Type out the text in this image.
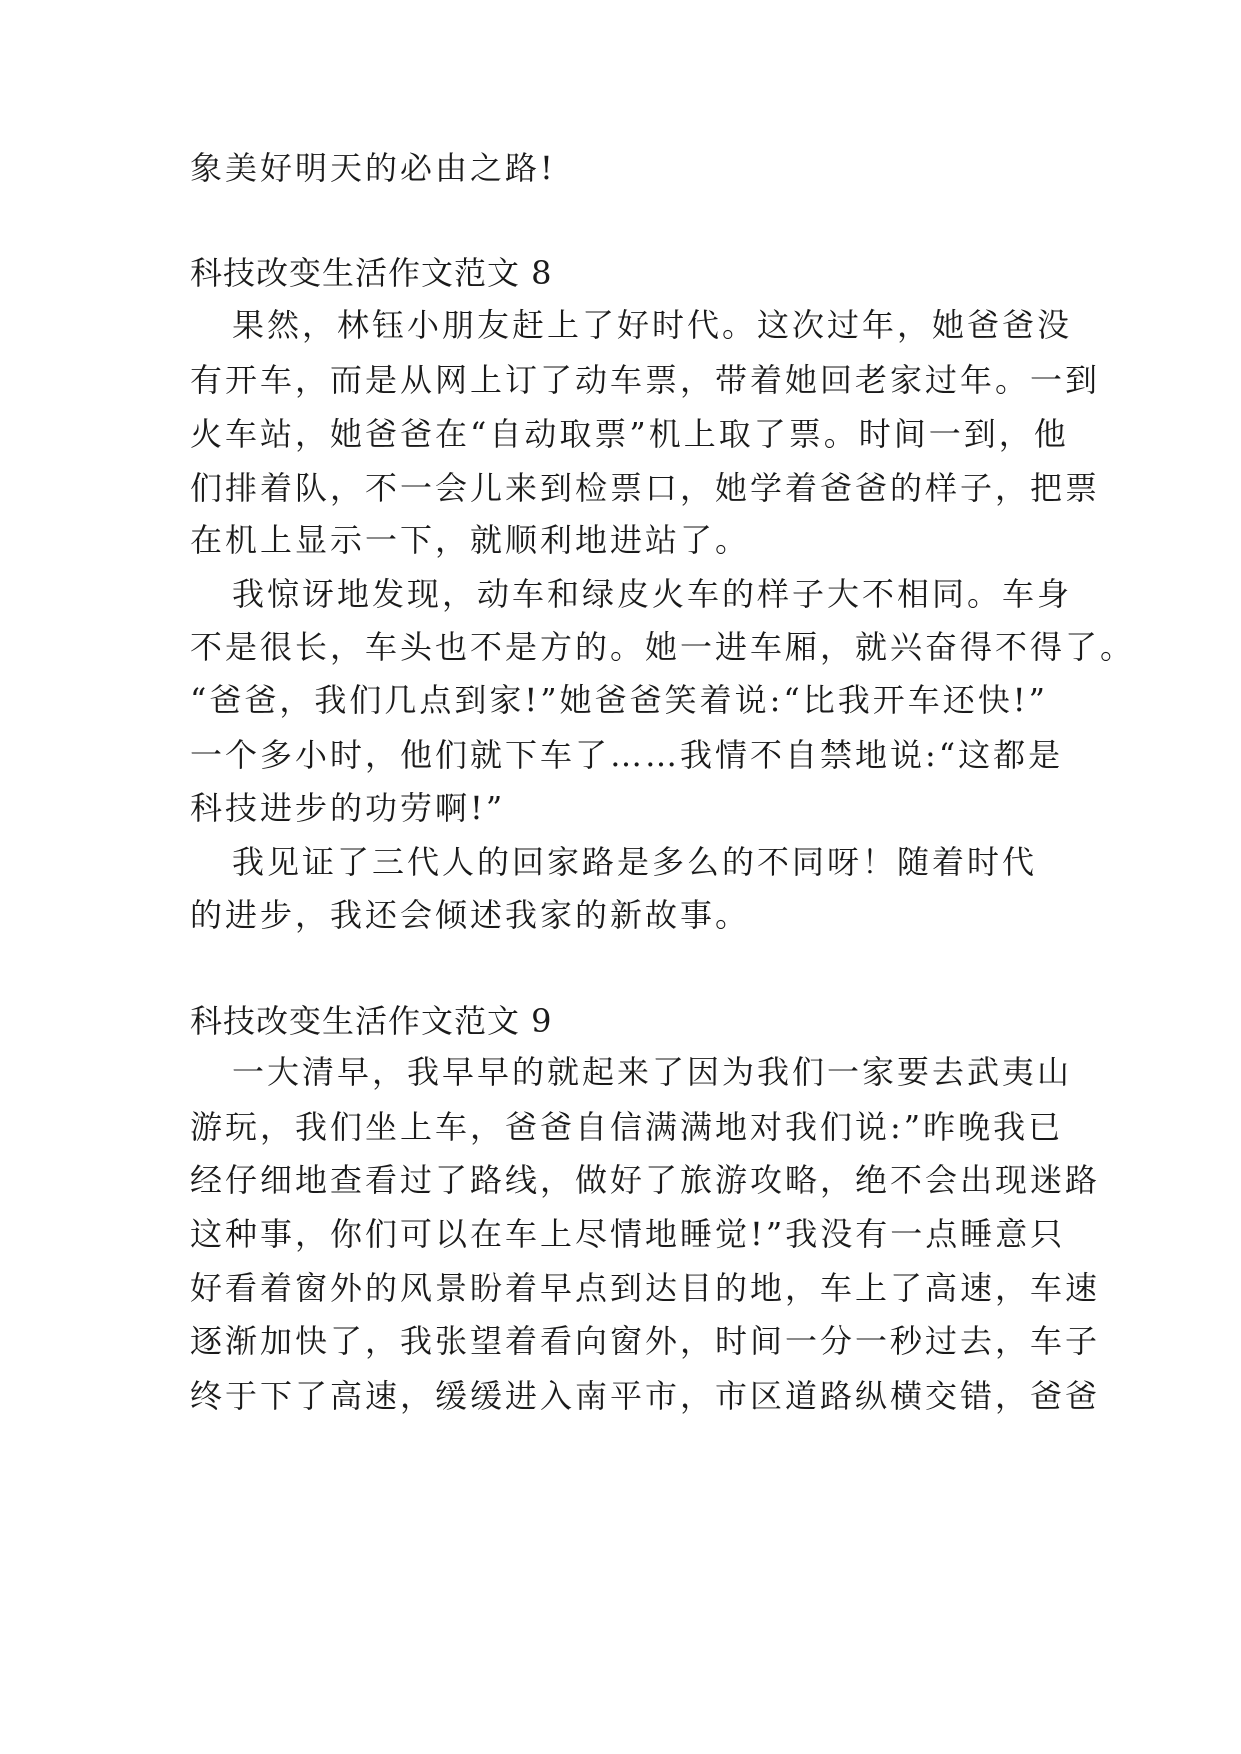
象美好明天的必由之路!
科技改变生活作文范文 8
果然，林钰小朋友赶上了好时代。这次过年，她爸爸没
有开车，而是从网上订了动车票，带着她回老家过年。一到
火车站，她爸爸在“自动取票”机上取了票。时间一到，他
们排着队，不一会儿来到检票口，她学着爸爸的样子，把票
在机上显示一下，就顺利地进站了。
我惊讶地发现，动车和绿皮火车的样子大不相同。车身
不是很长，车头也不是方的。她一进车厢，就兴奋得不得了。
“爸爸，我们几点到家!”她爸爸笑着说:“比我开车还快!”
一个多小时，他们就下车了……我情不自禁地说:“这都是
科技进步的功劳啊!”
我见证了三代人的回家路是多么的不同呀！随着时代
的进步，我还会倾述我家的新故事。
科技改变生活作文范文 9
一大清早，我早早的就起来了因为我们一家要去武夷山
游玩，我们坐上车，爸爸自信满满地对我们说:”昨晚我已
经仔细地查看过了路线，做好了旅游攻略，绝不会出现迷路
这种事，你们可以在车上尽情地睡觉!”我没有一点睡意只
好看着窗外的风景盼着早点到达目的地，车上了高速，车速
逐渐加快了，我张望着看向窗外，时间一分一秒过去，车子
终于下了高速，缓缓进入南平市，市区道路纵横交错，爸爸
